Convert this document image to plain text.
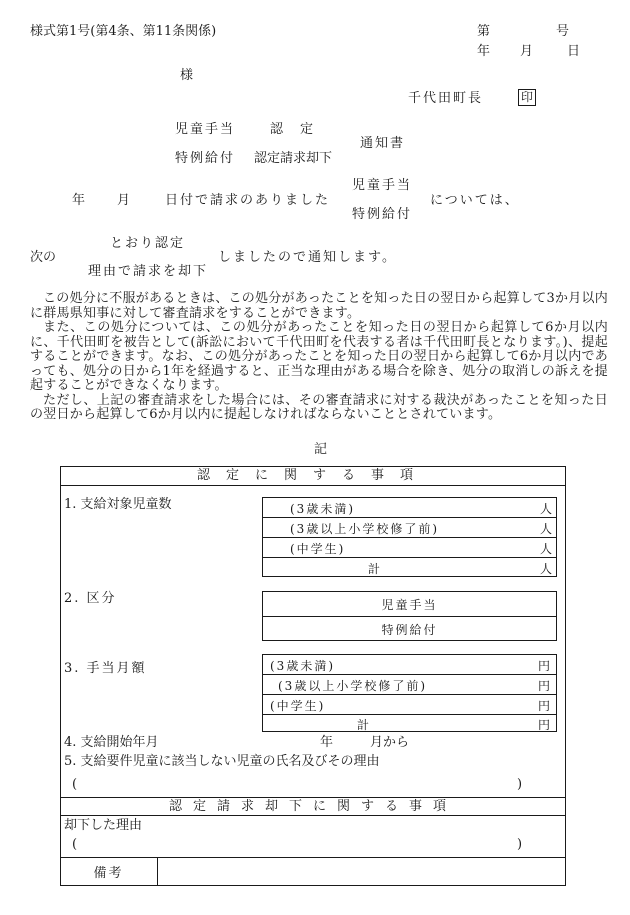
様式第1号(第4条、第11条関係)	第	号
年 月	日
様
千代田町長	印
児童手当	認　定
通知書
特例給付 認定請求却下
児童手当
年 月	日付で請求のありました	については、
特例給付
とおり認定
次の	しましたので通知します。
理由で請求を却下

この処分に不服があるときは、この処分があったことを知った日の翌日から起算して3か月以内に群馬県知事に対して審査請求をすることができます。

また、この処分については、この処分があったことを知った日の翌日から起算して6か月以内に、千代田町を被告として(訴訟において千代田町を代表する者は千代田町長となります。)、提起することができます。なお、この処分があったことを知った日の翌日から起算して6か月以内であっても、処分の日から1年を経過すると、正当な理由がある場合を除き、処分の取消しの訴えを提起することができなくなります。

ただし、上記の審査請求をした場合には、その審査請求に対する裁決があったことを知った日の翌日から起算して6か月以内に提起しなければならないこととされています。

記
認定に関する事項
1. 支給対象児童数	(3歳未満)	人
(3歳以上小学校修了前)	人
(中学生)	人
計	人
2. 区分	児童手当
特例給付
3. 手当月額	(3歳未満)	円
(3歳以上小学校修了前)	円
(中学生)	円
計	円
4. 支給開始年月	年	月から
5. 支給要件児童に該当しない児童の氏名及びその理由
(	)
認定請求却下に関する事項
却下した理由
(	)
備考
